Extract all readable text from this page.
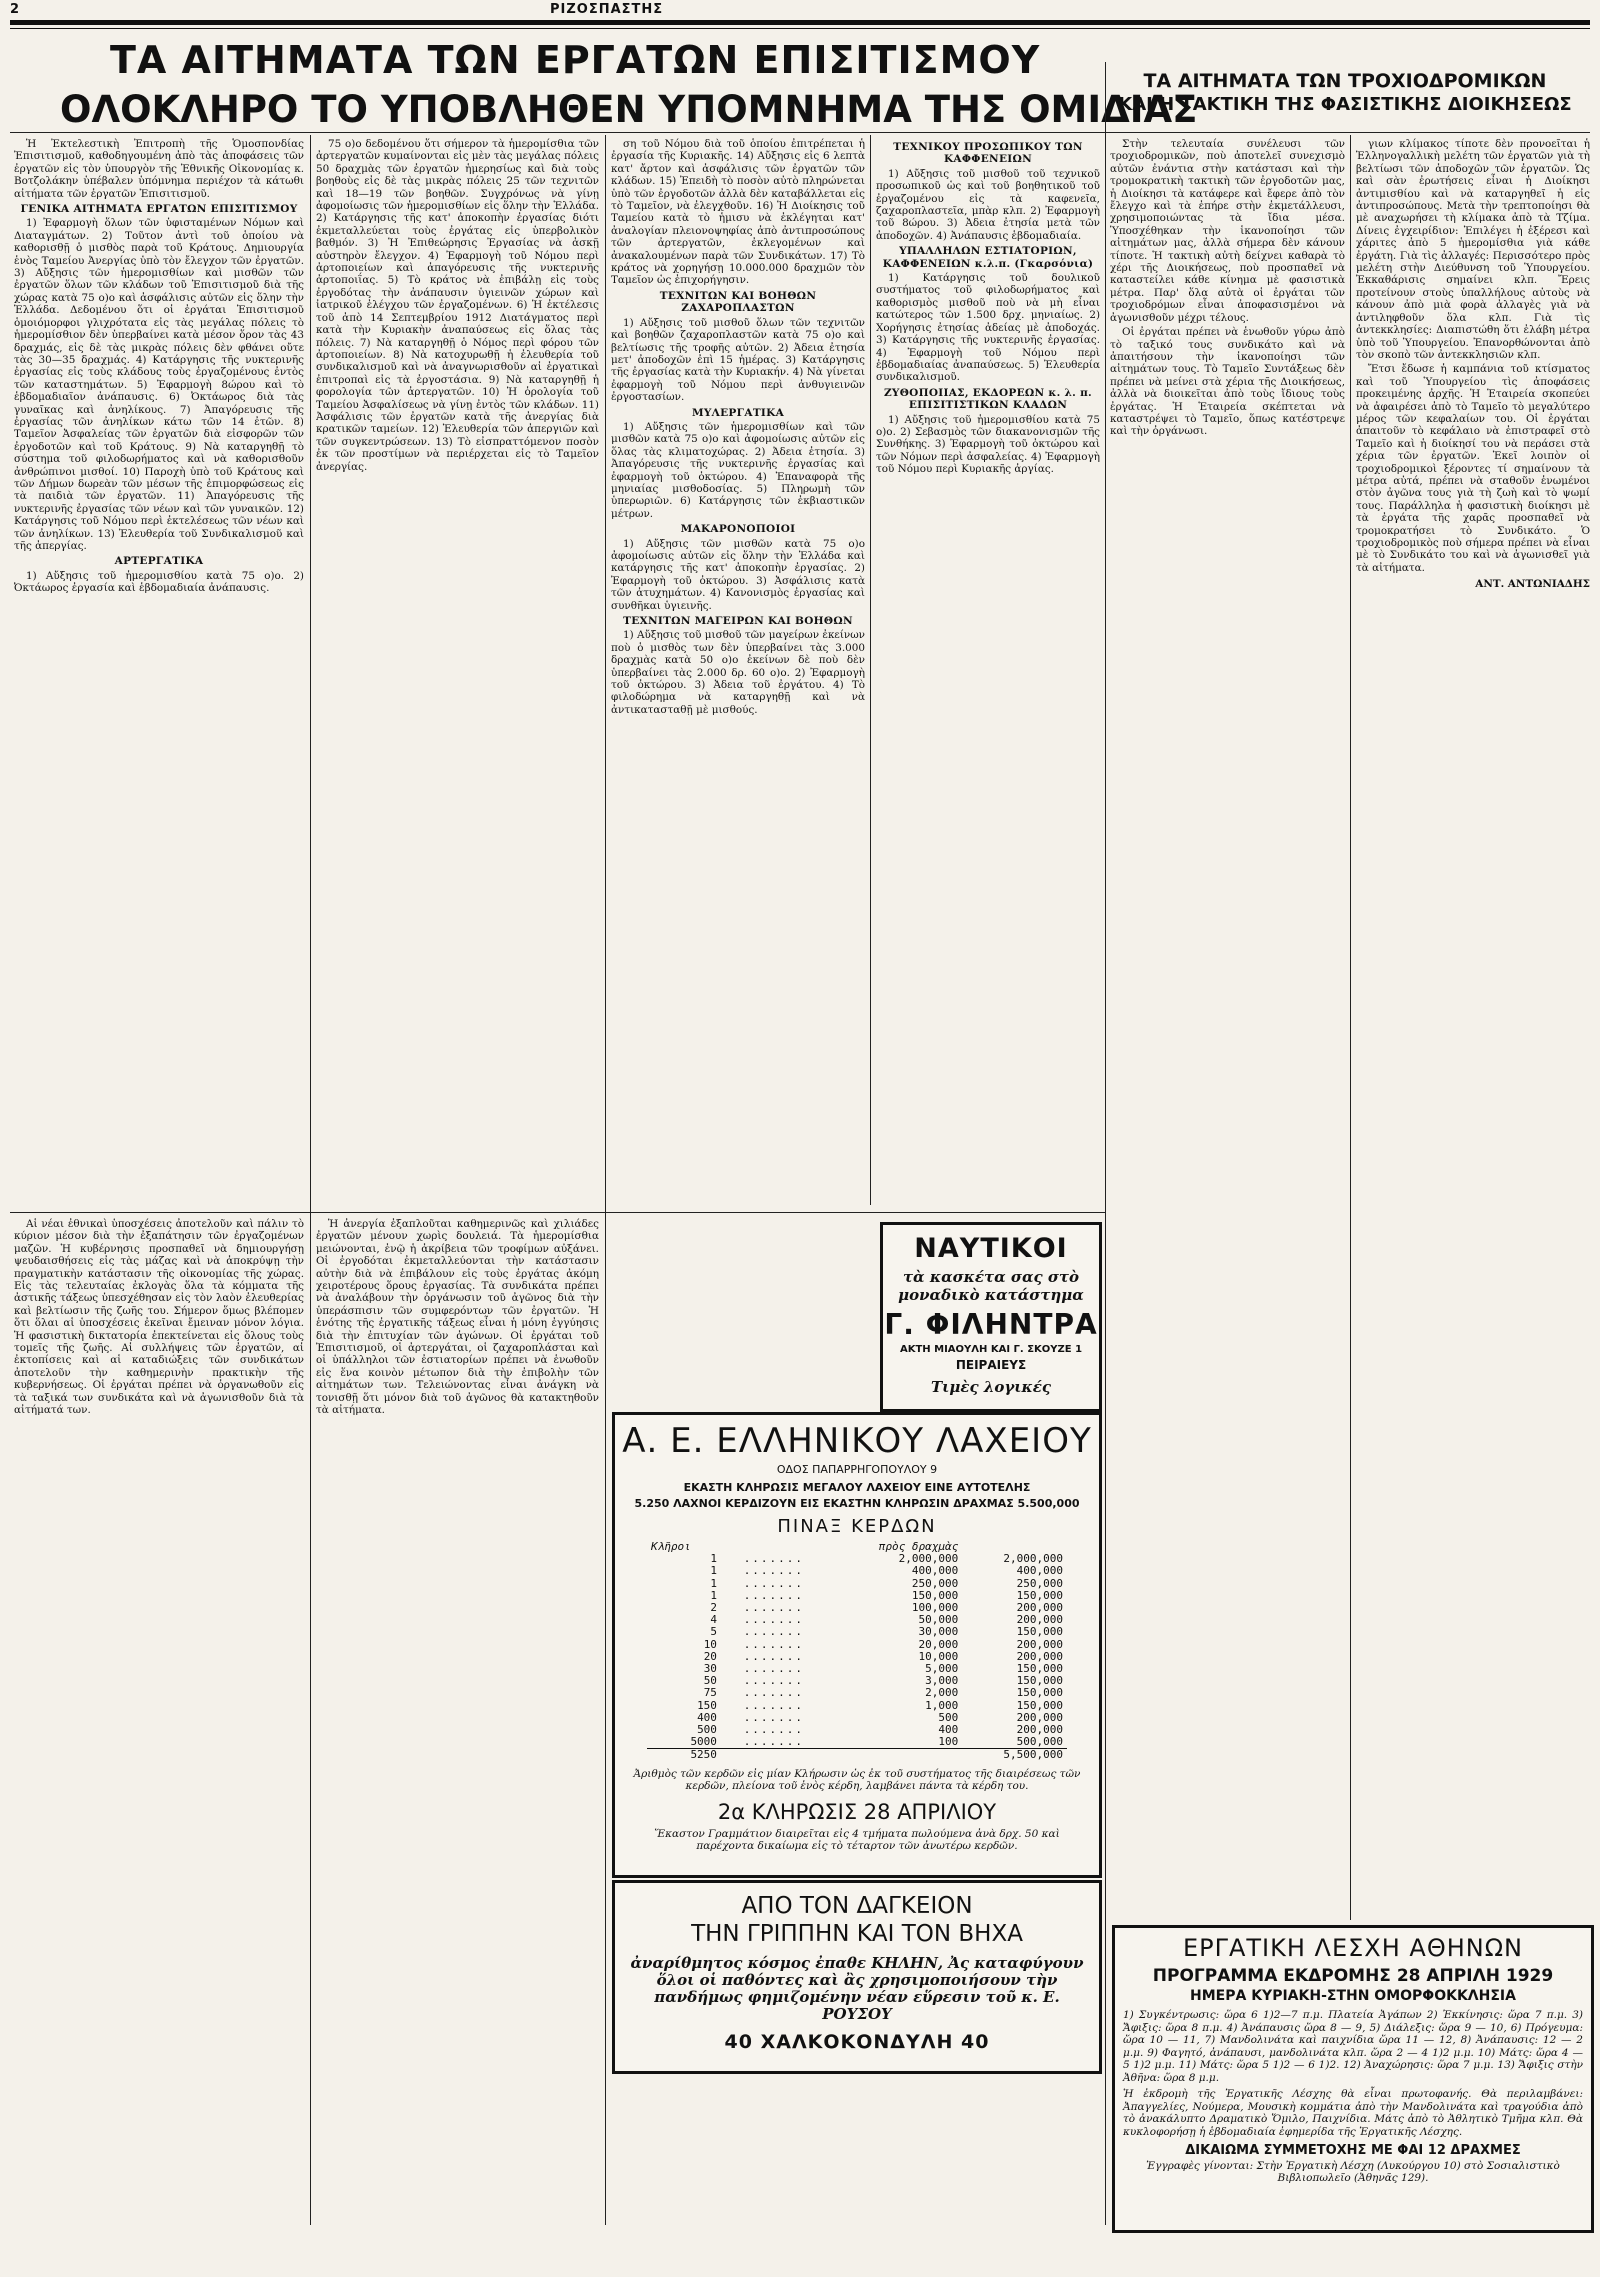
2	ΡΙΖΟΣΠΑΣΤΗΣ
ΤΑ ΑΙΤΗΜΑΤΑ ΤΩΝ ΕΡΓΑΤΩΝ ΕΠΙΣΙΤΙΣΜΟΥ
ΟΛΟΚΛΗΡΟ ΤΟ ΥΠΟΒΛΗΘΕΝ ΥΠΟΜΝΗΜΑ ΤΗΣ ΟΜΙΔΙΑΣ
ΤΑ ΑΙΤΗΜΑΤΑ ΤΩΝ ΤΡΟΧΙΟΔΡΟΜΙΚΩΝ
ΚΑΙ Η ΤΑΚΤΙΚΗ ΤΗΣ ΦΑΣΙΣΤΙΚΗΣ ΔΙΟΙΚΗΣΕΩΣ

Ἡ Ἐκτελεστικὴ Ἐπιτροπὴ τῆς Ὁμοσπονδίας Ἐπισιτισμοῦ, καθοδηγουμένη ἀπὸ τὰς ἀποφάσεις τῶν ἐργατῶν εἰς τὸν ὑπουργὸν τῆς Ἐθνικῆς Οἰκονομίας κ. Βοτζολάκην ὑπέβαλεν ὑπόμνημα περιέχον τὰ κάτωθι αἰτήματα τῶν ἐργατῶν Ἐπισιτισμοῦ.

ΓΕΝΙΚΑ ΑΙΤΗΜΑΤΑ ΕΡΓΑΤΩΝ ΕΠΙΣΙΤΙΣΜΟΥ

1) Ἐφαρμογὴ ὅλων τῶν ὑφισταμένων Νόμων καὶ Διαταγμάτων. 2) Τοῦτον ἀντὶ τοῦ ὁποίου νὰ καθορισθῇ ὁ μισθὸς παρὰ τοῦ Κράτους. Δημιουργία ἑνὸς Ταμείου Ἀνεργίας ὑπὸ τὸν ἔλεγχον τῶν ἐργατῶν. 3) Αὔξησις τῶν ἡμερομισθίων καὶ μισθῶν τῶν ἐργατῶν ὅλων τῶν κλάδων τοῦ Ἐπισιτισμοῦ διὰ τῆς χώρας κατὰ 75 ο)ο καὶ ἀσφάλισις αὐτῶν εἰς ὅλην τὴν Ἑλλάδα. Δεδομένου ὅτι οἱ ἐργάται Ἐπισιτισμοῦ ὁμοιόμορφοι γλιχρότατα εἰς τὰς μεγάλας πόλεις τὸ ἡμερομίσθιον δὲν ὑπερβαίνει κατὰ μέσον ὅρον τὰς 43 δραχμάς, εἰς δὲ τὰς μικρὰς πόλεις δὲν φθάνει οὔτε τὰς 30—35 δραχμάς. 4) Κατάργησις τῆς νυκτερινῆς ἐργασίας εἰς τοὺς κλάδους τοὺς ἐργαζομένους ἐντὸς τῶν καταστημάτων. 5) Ἐφαρμογὴ 8ώρου καὶ τὸ ἑβδομαδιαῖον ἀνάπαυσις. 6) Ὀκτάωρος διὰ τὰς γυναῖκας καὶ ἀνηλίκους. 7) Ἀπαγόρευσις τῆς ἐργασίας τῶν ἀνηλίκων κάτω τῶν 14 ἐτῶν. 8) Ταμεῖον Ἀσφαλείας τῶν ἐργατῶν διὰ εἰσφορῶν τῶν ἐργοδοτῶν καὶ τοῦ Κράτους. 9) Νὰ καταργηθῇ τὸ σύστημα τοῦ φιλοδωρήματος καὶ νὰ καθορισθοῦν ἀνθρώπινοι μισθοί. 10) Παροχὴ ὑπὸ τοῦ Κράτους καὶ τῶν Δήμων δωρεὰν τῶν μέσων τῆς ἐπιμορφώσεως εἰς τὰ παιδιὰ τῶν ἐργατῶν. 11) Ἀπαγόρευσις τῆς νυκτερινῆς ἐργασίας τῶν νέων καὶ τῶν γυναικῶν. 12) Κατάργησις τοῦ Νόμου περὶ ἐκτελέσεως τῶν νέων καὶ τῶν ἀνηλίκων. 13) Ἐλευθερία τοῦ Συνδικαλισμοῦ καὶ τῆς ἀπεργίας.

ΑΡΤΕΡΓΑΤΙΚΑ

1) Αὔξησις τοῦ ἡμερομισθίου κατὰ 75 ο)ο. 2) Ὀκτάωρος ἐργασία καὶ ἑβδομαδιαία ἀνάπαυσις.

75 ο)ο δεδομένου ὅτι σήμερον τὰ ἡμερομίσθια τῶν ἀρτεργατῶν κυμαίνονται εἰς μὲν τὰς μεγάλας πόλεις 50 δραχμὰς τῶν ἐργατῶν ἡμερησίως καὶ διὰ τοὺς βοηθοὺς εἰς δὲ τὰς μικρὰς πόλεις 25 τῶν τεχνιτῶν καὶ 18—19 τῶν βοηθῶν. Συγχρόνως νὰ γίνῃ ἀφομοίωσις τῶν ἡμερομισθίων εἰς ὅλην τὴν Ἑλλάδα. 2) Κατάργησις τῆς κατ' ἀποκοπὴν ἐργασίας διότι ἐκμεταλλεύεται τοὺς ἐργάτας εἰς ὑπερβολικὸν βαθμόν. 3) Ἡ Ἐπιθεώρησις Ἐργασίας νὰ ἀσκῇ αὐστηρὸν ἔλεγχον. 4) Ἐφαρμογὴ τοῦ Νόμου περὶ ἀρτοποιείων καὶ ἀπαγόρευσις τῆς νυκτερινῆς ἀρτοποιΐας. 5) Τὸ κράτος νὰ ἐπιβάλῃ εἰς τοὺς ἐργοδότας τὴν ἀνάπαυσιν ὑγιεινῶν χώρων καὶ ἰατρικοῦ ἐλέγχου τῶν ἐργαζομένων. 6) Ἡ ἐκτέλεσις τοῦ ἀπὸ 14 Σεπτεμβρίου 1912 Διατάγματος περὶ κατὰ τὴν Κυριακὴν ἀναπαύσεως εἰς ὅλας τὰς πόλεις. 7) Νὰ καταργηθῇ ὁ Νόμος περὶ φόρου τῶν ἀρτοποιείων. 8) Νὰ κατοχυρωθῇ ἡ ἐλευθερία τοῦ συνδικαλισμοῦ καὶ νὰ ἀναγνωρισθοῦν αἱ ἐργατικαὶ ἐπιτροπαὶ εἰς τὰ ἐργοστάσια. 9) Νὰ καταργηθῇ ἡ φορολογία τῶν ἀρτεργατῶν. 10) Ἡ ὁρολογία τοῦ Ταμείου Ἀσφαλίσεως νὰ γίνῃ ἐντὸς τῶν κλάδων. 11) Ἀσφάλισις τῶν ἐργατῶν κατὰ τῆς ἀνεργίας διὰ κρατικῶν ταμείων. 12) Ἐλευθερία τῶν ἀπεργιῶν καὶ τῶν συγκεντρώσεων. 13) Τὸ εἰσπραττόμενον ποσὸν ἐκ τῶν προστίμων νὰ περιέρχεται εἰς τὸ Ταμεῖον ἀνεργίας.

ση τοῦ Νόμου διὰ τοῦ ὁποίου ἐπιτρέπεται ἡ ἐργασία τῆς Κυριακῆς. 14) Αὔξησις εἰς 6 λεπτὰ κατ' ἄρτον καὶ ἀσφάλισις τῶν ἐργατῶν τῶν κλάδων. 15) Ἐπειδὴ τὸ ποσὸν αὐτὸ πληρώνεται ὑπὸ τῶν ἐργοδοτῶν ἀλλὰ δὲν καταβάλλεται εἰς τὸ Ταμεῖον, νὰ ἐλεγχθοῦν. 16) Ἡ Διοίκησις τοῦ Ταμείου κατὰ τὸ ἡμισυ νὰ ἐκλέγηται κατ' ἀναλογίαν πλειονοψηφίας ἀπὸ ἀντιπροσώπους τῶν ἀρτεργατῶν, ἐκλεγομένων καὶ ἀνακαλουμένων παρὰ τῶν Συνδικάτων. 17) Τὸ κράτος νὰ χορηγήσῃ 10.000.000 δραχμῶν τὸν Ταμεῖον ὡς ἐπιχορήγησιν.

ΤΕΧΝΙΤΩΝ ΚΑΙ ΒΟΗΘΩΝ ΖΑΧΑΡΟΠΛΑΣΤΩΝ

1) Αὔξησις τοῦ μισθοῦ ὅλων τῶν τεχνιτῶν καὶ βοηθῶν ζαχαροπλαστῶν κατὰ 75 ο)ο καὶ βελτίωσις τῆς τροφῆς αὐτῶν. 2) Ἀδεια ἐτησία μετ' ἀποδοχῶν ἐπὶ 15 ἡμέρας. 3) Κατάργησις τῆς ἐργασίας κατὰ τὴν Κυριακήν. 4) Νὰ γίνεται ἐφαρμογὴ τοῦ Νόμου περὶ ἀνθυγιεινῶν ἐργοστασίων.

ΜΥΛΕΡΓΑΤΙΚΑ

1) Αὔξησις τῶν ἡμερομισθίων καὶ τῶν μισθῶν κατὰ 75 ο)ο καὶ ἀφομοίωσις αὐτῶν εἰς ὅλας τὰς κλιματοχώρας. 2) Ἀδεια ἐτησία. 3) Ἀπαγόρευσις τῆς νυκτερινῆς ἐργασίας καὶ ἐφαρμογὴ τοῦ ὀκτώρου. 4) Ἐπαναφορὰ τῆς μηνιαίας μισθοδοσίας. 5) Πληρωμὴ τῶν ὑπερωριῶν. 6) Κατάργησις τῶν ἐκβιαστικῶν μέτρων.

ΜΑΚΑΡΟΝΟΠΟΙΟΙ

1) Αὔξησις τῶν μισθῶν κατὰ 75 ο)ο ἀφομοίωσις αὐτῶν εἰς ὅλην τὴν Ἑλλάδα καὶ κατάργησις τῆς κατ' ἀποκοπὴν ἐργασίας. 2) Ἐφαρμογὴ τοῦ ὀκτώρου. 3) Ἀσφάλισις κατὰ τῶν ἀτυχημάτων. 4) Κανονισμὸς ἐργασίας καὶ συνθῆκαι ὑγιεινῆς.

ΤΕΧΝΙΤΩΝ ΜΑΓΕΙΡΩΝ ΚΑΙ ΒΟΗΘΩΝ

1) Αὔξησις τοῦ μισθοῦ τῶν μαγείρων ἐκείνων ποὺ ὁ μισθὸς των δὲν ὑπερβαίνει τὰς 3.000 δραχμὰς κατὰ 50 ο)ο ἐκείνων δὲ ποὺ δὲν ὑπερβαίνει τὰς 2.000 δρ. 60 ο)ο. 2) Ἐφαρμογὴ τοῦ ὀκτώρου. 3) Ἀδεια τοῦ ἐργάτου. 4) Τὸ φιλοδώρημα νὰ καταργηθῇ καὶ νὰ ἀντικατασταθῇ μὲ μισθούς.

ΤΕΧΝΙΚΟΥ ΠΡΟΣΩΠΙΚΟΥ ΤΩΝ ΚΑΦΦΕΝΕΙΩΝ

1) Αὔξησις τοῦ μισθοῦ τοῦ τεχνικοῦ προσωπικοῦ ὡς καὶ τοῦ βοηθητικοῦ τοῦ ἐργαζομένου εἰς τὰ καφενεῖα, ζαχαροπλαστεῖα, μπὰρ κλπ. 2) Ἐφαρμογὴ τοῦ 8ώρου. 3) Ἀδεια ἐτησία μετὰ τῶν ἀποδοχῶν. 4) Ἀνάπαυσις ἑβδομαδιαία.

ΥΠΑΛΛΗΛΩΝ ΕΣΤΙΑΤΟΡΙΩΝ, ΚΑΦΦΕΝΕΙΩΝ κ.λ.π. (Γκαρσόνια)

1) Κατάργησις τοῦ δουλικοῦ συστήματος τοῦ φιλοδωρήματος καὶ καθορισμὸς μισθοῦ ποὺ νὰ μὴ εἶναι κατώτερος τῶν 1.500 δρχ. μηνιαίως. 2) Χορήγησις ἐτησίας ἀδείας μὲ ἀποδοχάς. 3) Κατάργησις τῆς νυκτερινῆς ἐργασίας. 4) Ἐφαρμογὴ τοῦ Νόμου περὶ ἑβδομαδιαίας ἀναπαύσεως. 5) Ἐλευθερία συνδικαλισμοῦ.

ΖΥΘΟΠΟΙΙΑΣ, ΕΚΔΟΡΕΩΝ κ. λ. π. ΕΠΙΣΙΤΙΣΤΙΚΩΝ ΚΛΑΔΩΝ

1) Αὔξησις τοῦ ἡμερομισθίου κατὰ 75 ο)ο. 2) Σεβασμὸς τῶν διακανονισμῶν τῆς Συνθήκης. 3) Ἐφαρμογὴ τοῦ ὀκτώρου καὶ τῶν Νόμων περὶ ἀσφαλείας. 4) Ἐφαρμογὴ τοῦ Νόμου περὶ Κυριακῆς ἀργίας.

Αἱ νέαι ἐθνικαὶ ὑποσχέσεις ἀποτελοῦν καὶ πάλιν τὸ κύριον μέσον διὰ τὴν ἐξαπάτησιν τῶν ἐργαζομένων μαζῶν. Ἡ κυβέρνησις προσπαθεῖ νὰ δημιουργήσῃ ψευδαισθήσεις εἰς τὰς μάζας καὶ νὰ ἀποκρύψῃ τὴν πραγματικὴν κατάστασιν τῆς οἰκονομίας τῆς χώρας. Εἰς τὰς τελευταίας ἐκλογὰς ὅλα τὰ κόμματα τῆς ἀστικῆς τάξεως ὑπεσχέθησαν εἰς τὸν λαὸν ἐλευθερίας καὶ βελτίωσιν τῆς ζωῆς του. Σήμερον ὅμως βλέπομεν ὅτι ὅλαι αἱ ὑποσχέσεις ἐκεῖναι ἔμειναν μόνον λόγια. Ἡ φασιστικὴ δικτατορία ἐπεκτείνεται εἰς ὅλους τοὺς τομεῖς τῆς ζωῆς. Αἱ συλλήψεις τῶν ἐργατῶν, αἱ ἐκτοπίσεις καὶ αἱ καταδιώξεις τῶν συνδικάτων ἀποτελοῦν τὴν καθημερινὴν πρακτικὴν τῆς κυβερνήσεως. Οἱ ἐργάται πρέπει νὰ ὀργανωθοῦν εἰς τὰ ταξικά των συνδικάτα καὶ νὰ ἀγωνισθοῦν διὰ τὰ αἰτήματά των.

Ἡ ἀνεργία ἐξαπλοῦται καθημερινῶς καὶ χιλιάδες ἐργατῶν μένουν χωρὶς δουλειά. Τὰ ἡμερομίσθια μειώνονται, ἐνῷ ἡ ἀκρίβεια τῶν τροφίμων αὐξάνει. Οἱ ἐργοδόται ἐκμεταλλεύονται τὴν κατάστασιν αὐτὴν διὰ νὰ ἐπιβάλουν εἰς τοὺς ἐργάτας ἀκόμη χειροτέρους ὅρους ἐργασίας. Τὰ συνδικάτα πρέπει νὰ ἀναλάβουν τὴν ὀργάνωσιν τοῦ ἀγῶνος διὰ τὴν ὑπεράσπισιν τῶν συμφερόντων τῶν ἐργατῶν. Ἡ ἑνότης τῆς ἐργατικῆς τάξεως εἶναι ἡ μόνη ἐγγύησις διὰ τὴν ἐπιτυχίαν τῶν ἀγώνων. Οἱ ἐργάται τοῦ Ἐπισιτισμοῦ, οἱ ἀρτεργάται, οἱ ζαχαροπλάσται καὶ οἱ ὑπάλληλοι τῶν ἐστιατορίων πρέπει νὰ ἑνωθοῦν εἰς ἕνα κοινὸν μέτωπον διὰ τὴν ἐπιβολὴν τῶν αἰτημάτων των. Τελειώνοντας εἶναι ἀνάγκη νὰ τονισθῇ ὅτι μόνον διὰ τοῦ ἀγῶνος θὰ κατακτηθοῦν τὰ αἰτήματα.

ΝΑΥΤΙΚΟΙ
τὰ κασκέτα σας στὸ
μοναδικὸ κατάστημα
Γ. ΦΙΛΗΝΤΡΑ
ΑΚΤΗ ΜΙΑΟΥΛΗ ΚΑΙ Γ. ΣΚΟΥΖΕ 1
ΠΕΙΡΑΙΕΥΣ
Τιμὲς λογικές
Α. Ε. ΕΛΛΗΝΙΚΟΥ ΛΑΧΕΙΟΥ
ΟΔΟΣ ΠΑΠΑΡΡΗΓΟΠΟΥΛΟΥ 9
ΕΚΑΣΤΗ ΚΛΗΡΩΣΙΣ ΜΕΓΑΛΟΥ ΛΑΧΕΙΟΥ ΕΙΝΕ ΑΥΤΟΤΕΛΗΣ
5.250 ΛΑΧΝΟΙ ΚΕΡΔΙΖΟΥΝ ΕΙΣ ΕΚΑΣΤΗΝ ΚΛΗΡΩΣΙΝ ΔΡΑΧΜΑΣ 5.500,000
ΠΙΝΑΞ ΚΕΡΔΩΝ
Κλῆροι		πρὸς δραχμὰς	
1	.......	2,000,000	2,000,000
1	.......	400,000	400,000
1	.......	250,000	250,000
1	.......	150,000	150,000
2	.......	100,000	200,000
4	.......	50,000	200,000
5	.......	30,000	150,000
10	.......	20,000	200,000
20	.......	10,000	200,000
30	.......	5,000	150,000
50	.......	3,000	150,000
75	.......	2,000	150,000
150	.......	1,000	150,000
400	.......	500	200,000
500	.......	400	200,000
5000	.......	100	500,000
5250			5,500,000
Ἀριθμὸς τῶν κερδῶν εἰς μίαν Κλήρωσιν ὡς ἐκ τοῦ συστήματος τῆς διαιρέσεως τῶν κερδῶν, πλείονα τοῦ ἑνὸς κέρδη, λαμβάνει πάντα τὰ κέρδη του.
2α ΚΛΗΡΩΣΙΣ 28 ΑΠΡΙΛΙΟΥ
Ἕκαστον Γραμμάτιον διαιρεῖται εἰς 4 τμήματα πωλούμενα ἀνὰ δρχ. 50 καὶ παρέχοντα δικαίωμα εἰς τὸ τέταρτον τῶν ἀνωτέρω κερδῶν.
ΑΠΟ ΤΟΝ ΔΑΓΚΕΙΟΝ
ΤΗΝ ΓΡΙΠΠΗΝ ΚΑΙ ΤΟΝ ΒΗΧΑ
ἀναρίθμητος κόσμος ἐπαθε ΚΗΛΗΝ, Ἀς καταφύγουν ὅλοι οἱ παθόντες καὶ ἂς χρησιμοποιήσουν τὴν πανδήμως φημιζομένην νέαν εὕρεσιν τοῦ κ. Ε. ΡΟΥΣΟΥ
40 ΧΑΛΚΟΚΟΝΔΥΛΗ 40

Στὴν τελευταία συνέλευσι τῶν τροχιοδρομικῶν, ποὺ ἀποτελεῖ συνεχισμὸ αὐτῶν ἐνάντια στὴν κατάστασι καὶ τὴν τρομοκρατικὴ τακτικὴ τῶν ἐργοδοτῶν μας, ἡ Διοίκησι τὰ κατάφερε καὶ ἔφερε ἀπὸ τὸν ἔλεγχο καὶ τὰ ἐπήρε στὴν ἐκμετάλλευσι, χρησιμοποιώντας τὰ ἴδια μέσα. Ὑποσχέθηκαν τὴν ἱκανοποίησι τῶν αἰτημάτων μας, ἀλλὰ σήμερα δὲν κάνουν τίποτε. Ἡ τακτικὴ αὐτὴ δείχνει καθαρὰ τὸ χέρι τῆς Διοικήσεως, ποὺ προσπαθεῖ νὰ καταστείλει κάθε κίνημα μὲ φασιστικὰ μέτρα. Παρ' ὅλα αὐτὰ οἱ ἐργάται τῶν τροχιοδρόμων εἶναι ἀποφασισμένοι νὰ ἀγωνισθοῦν μέχρι τέλους.

Οἱ ἐργάται πρέπει νὰ ἑνωθοῦν γύρω ἀπὸ τὸ ταξικό τους συνδικάτο καὶ νὰ ἀπαιτήσουν τὴν ἱκανοποίησι τῶν αἰτημάτων τους. Τὸ Ταμεῖο Συντάξεως δὲν πρέπει νὰ μείνει στὰ χέρια τῆς Διοικήσεως, ἀλλὰ νὰ διοικεῖται ἀπὸ τοὺς ἴδιους τοὺς ἐργάτας. Ἡ Ἑταιρεία σκέπτεται νὰ καταστρέψει τὸ Ταμεῖο, ὅπως κατέστρεψε καὶ τὴν ὀργάνωσι.

γιων κλίμακος τίποτε δὲν προνοεῖται ἡ Ἑλληνογαλλικὴ μελέτη τῶν ἐργατῶν γιὰ τὴ βελτίωσι τῶν ἀποδοχῶν τῶν ἐργατῶν. Ὡς καὶ σὰν ἐρωτήσεις εἶναι ἡ Διοίκησι ἀντιμισθίου καὶ νὰ καταργηθεῖ ἡ εἰς ἀντιπροσώπους. Μετὰ τὴν τρεπτοποίησι θὰ μὲ αναχωρήσει τὴ κλίμακα ἀπὸ τὰ Τζίμα. Δίνεις ἐγχειρίδιον: Ἐπιλέγει ἡ ἐξέρεσι καὶ χάριτες ἀπὸ 5 ἡμερομίσθια γιὰ κάθε ἐργάτη. Γιὰ τὶς ἀλλαγές: Περισσότερο πρὸς μελέτη στὴν Διεύθυνση τοῦ Ὑπουργείου. Ἐκκαθάρισις σημαίνει κλπ. Ἔρεις προτείνουν στοὺς ὑπαλλήλους αὐτοὺς νὰ κάνουν ἀπὸ μιὰ φορὰ ἀλλαγὲς γιὰ νὰ ἀντιληφθοῦν ὅλα κλπ. Γιὰ τὶς ἀντεκκλησίες: Διαπιστώθη ὅτι ἐλάβη μέτρα ὑπὸ τοῦ Ὑπουργείου. Ἐπανορθώνονται ἀπὸ τὸν σκοπὸ τῶν ἀντεκκλησιῶν κλπ.

Ἔτσι ἔδωσε ἡ καμπάνια τοῦ κτίσματος καὶ τοῦ Ὑπουργείου τὶς ἀποφάσεις προκειμένης ἀρχῆς. Ἡ Ἑταιρεία σκοπεύει νὰ ἀφαιρέσει ἀπὸ τὸ Ταμεῖο τὸ μεγαλύτερο μέρος τῶν κεφαλαίων του. Οἱ ἐργάται ἀπαιτοῦν τὸ κεφάλαιο νὰ ἐπιστραφεῖ στὸ Ταμεῖο καὶ ἡ διοίκησί του νὰ περάσει στὰ χέρια τῶν ἐργατῶν. Ἐκεῖ λοιπὸν οἱ τροχιοδρομικοὶ ξέροντες τί σημαίνουν τὰ μέτρα αὐτά, πρέπει νὰ σταθοῦν ἑνωμένοι στὸν ἀγῶνα τους γιὰ τὴ ζωὴ καὶ τὸ ψωμί τους. Παράλληλα ἡ φασιστικὴ διοίκησι μὲ τὰ ἐργάτα τῆς χαρᾶς προσπαθεῖ νὰ τρομοκρατήσει τὸ Συνδικάτο. Ὁ τροχιοδρομικὸς ποὺ σήμερα πρέπει νὰ εἶναι μὲ τὸ Συνδικάτο του καὶ νὰ ἀγωνισθεῖ γιὰ τὰ αἰτήματα.

ΑΝΤ. ΑΝΤΩΝΙΑΔΗΣ
ΕΡΓΑΤΙΚΗ ΛΕΣΧΗ ΑΘΗΝΩΝ
ΠΡΟΓΡΑΜΜΑ ΕΚΔΡΟΜΗΣ 28 ΑΠΡΙΛΗ 1929
ΗΜΕΡΑ ΚΥΡΙΑΚΗ-ΣΤΗΝ ΟΜΟΡΦΟΚΚΛΗΣΙΑ
1) Συγκέντρωσις: ὥρα 6 1)2—7 π.μ. Πλατεία Ἀγάπων 2) Ἐκκίνησις: ὥρα 7 π.μ. 3) Ἄφιξις: ὥρα 8 π.μ. 4) Ἀνάπαυσις ὥρα 8 — 9, 5) Διάλεξις: ὥρα 9 — 10, 6) Πρόγευμα: ὥρα 10 — 11, 7) Μανδολινάτα καὶ παιχνίδια ὥρα 11 — 12, 8) Ἀνάπαυσις: 12 — 2 μ.μ. 9) Φαγητό, ἀνάπαυσι, μανδολινάτα κλπ. ὥρα 2 — 4 1)2 μ.μ. 10) Μάτς: ὥρα 4 — 5 1)2 μ.μ. 11) Μάτς: ὥρα 5 1)2 — 6 1)2. 12) Ἀναχώρησις: ὥρα 7 μ.μ. 13) Ἄφιξις στὴν Ἀθῆνα: ὥρα 8 μ.μ.
Ἡ ἐκδρομὴ τῆς Ἐργατικῆς Λέσχης θὰ εἶναι πρωτοφανής. Θὰ περιλαμβάνει: Ἀπαγγελίες, Νούμερα, Μουσικὴ κομμάτια ἀπὸ τὴν Μανδολινάτα καὶ τραγούδια ἀπὸ τὸ ἀνακάλυπτο Δραματικὸ Ὅμιλο, Παιχνίδια. Μάτς ἀπὸ τὸ Ἀθλητικὸ Τμῆμα κλπ. Θὰ κυκλοφορήσῃ ἡ ἑβδομαδιαία ἐφημερίδα τῆς Ἐργατικῆς Λέσχης.
ΔΙΚΑΙΩΜΑ ΣΥΜΜΕΤΟΧΗΣ ΜΕ ΦΑΙ 12 ΔΡΑΧΜΕΣ
Ἐγγραφὲς γίνονται: Στὴν Ἐργατικὴ Λέσχη (Λυκούργου 10) στὸ Σοσιαλιστικὸ Βιβλιοπωλεῖο (Ἀθηνᾶς 129).
